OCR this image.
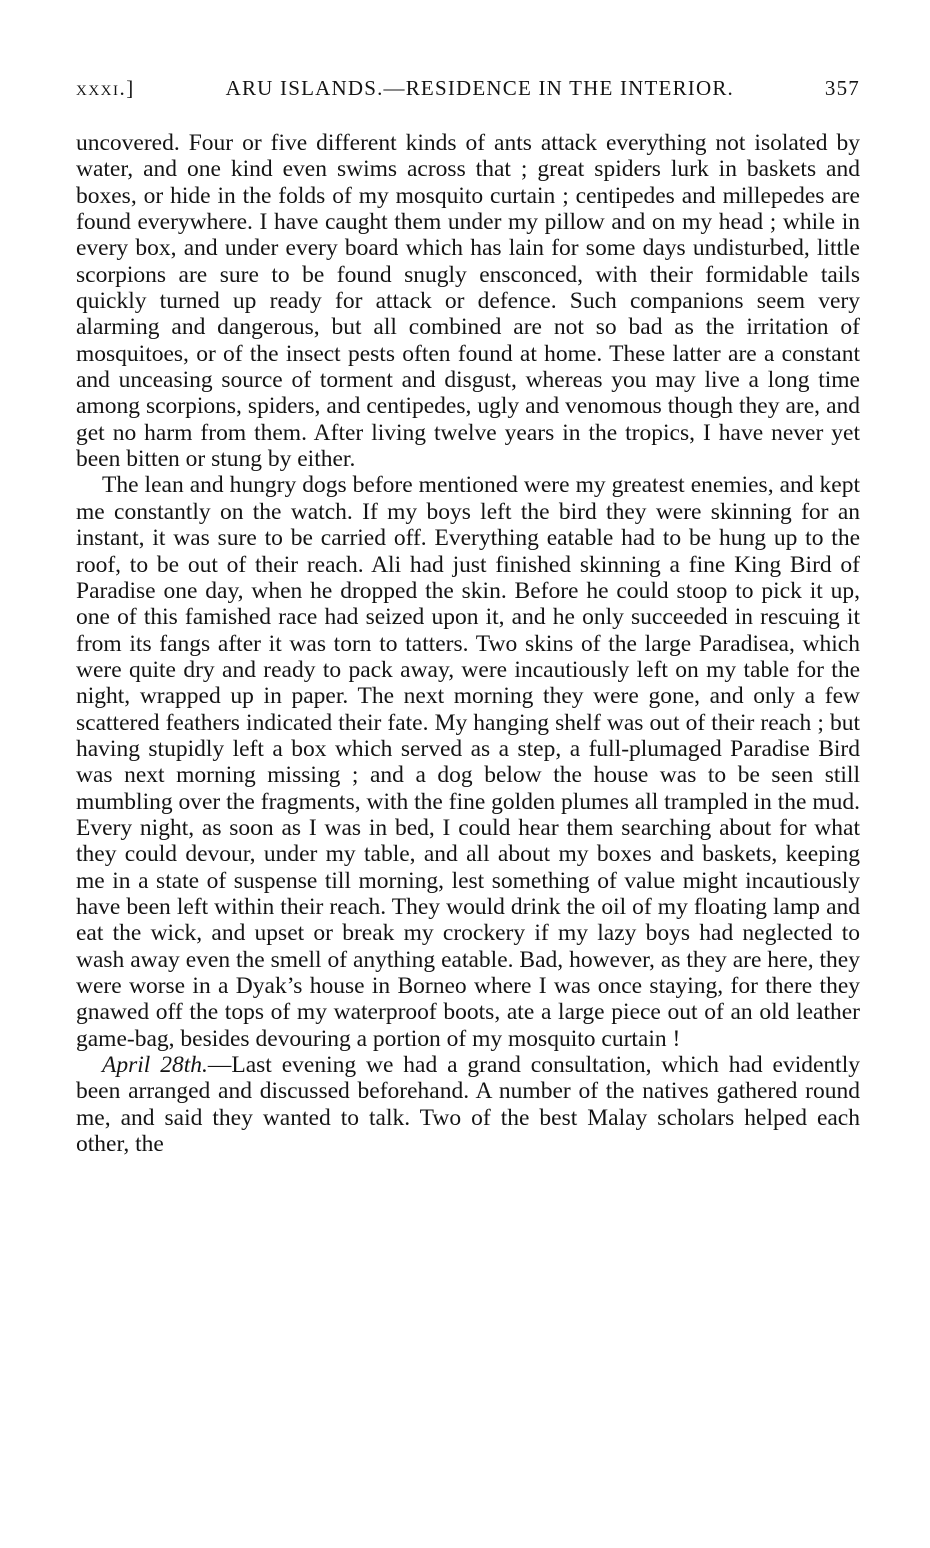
xxxi.]	ARU ISLANDS.—RESIDENCE IN THE INTERIOR.	357

uncovered. Four or five different kinds of ants attack everything not isolated by water, and one kind even swims across that ; great spiders lurk in baskets and boxes, or hide in the folds of my mosquito curtain ; centipedes and millepedes are found everywhere. I have caught them under my pillow and on my head ; while in every box, and under every board which has lain for some days undisturbed, little scorpions are sure to be found snugly ensconced, with their formidable tails quickly turned up ready for attack or defence. Such companions seem very alarming and dangerous, but all combined are not so bad as the irritation of mosquitoes, or of the insect pests often found at home. These latter are a constant and unceasing source of torment and disgust, whereas you may live a long time among scorpions, spiders, and centipedes, ugly and venomous though they are, and get no harm from them. After living twelve years in the tropics, I have never yet been bitten or stung by either.

The lean and hungry dogs before mentioned were my greatest enemies, and kept me constantly on the watch. If my boys left the bird they were skinning for an instant, it was sure to be carried off. Everything eatable had to be hung up to the roof, to be out of their reach. Ali had just finished skinning a fine King Bird of Paradise one day, when he dropped the skin. Before he could stoop to pick it up, one of this famished race had seized upon it, and he only succeeded in rescuing it from its fangs after it was torn to tatters. Two skins of the large Paradisea, which were quite dry and ready to pack away, were incautiously left on my table for the night, wrapped up in paper. The next morning they were gone, and only a few scattered feathers indicated their fate. My hanging shelf was out of their reach ; but having stupidly left a box which served as a step, a full-plumaged Paradise Bird was next morning missing ; and a dog below the house was to be seen still mumbling over the fragments, with the fine golden plumes all trampled in the mud. Every night, as soon as I was in bed, I could hear them searching about for what they could devour, under my table, and all about my boxes and baskets, keeping me in a state of suspense till morning, lest something of value might incautiously have been left within their reach. They would drink the oil of my floating lamp and eat the wick, and upset or break my crockery if my lazy boys had neglected to wash away even the smell of anything eatable. Bad, however, as they are here, they were worse in a Dyak’s house in Borneo where I was once staying, for there they gnawed off the tops of my waterproof boots, ate a large piece out of an old leather game-bag, besides devouring a portion of my mosquito curtain !

April 28th.—Last evening we had a grand consultation, which had evidently been arranged and discussed beforehand. A number of the natives gathered round me, and said they wanted to talk. Two of the best Malay scholars helped each other, the
